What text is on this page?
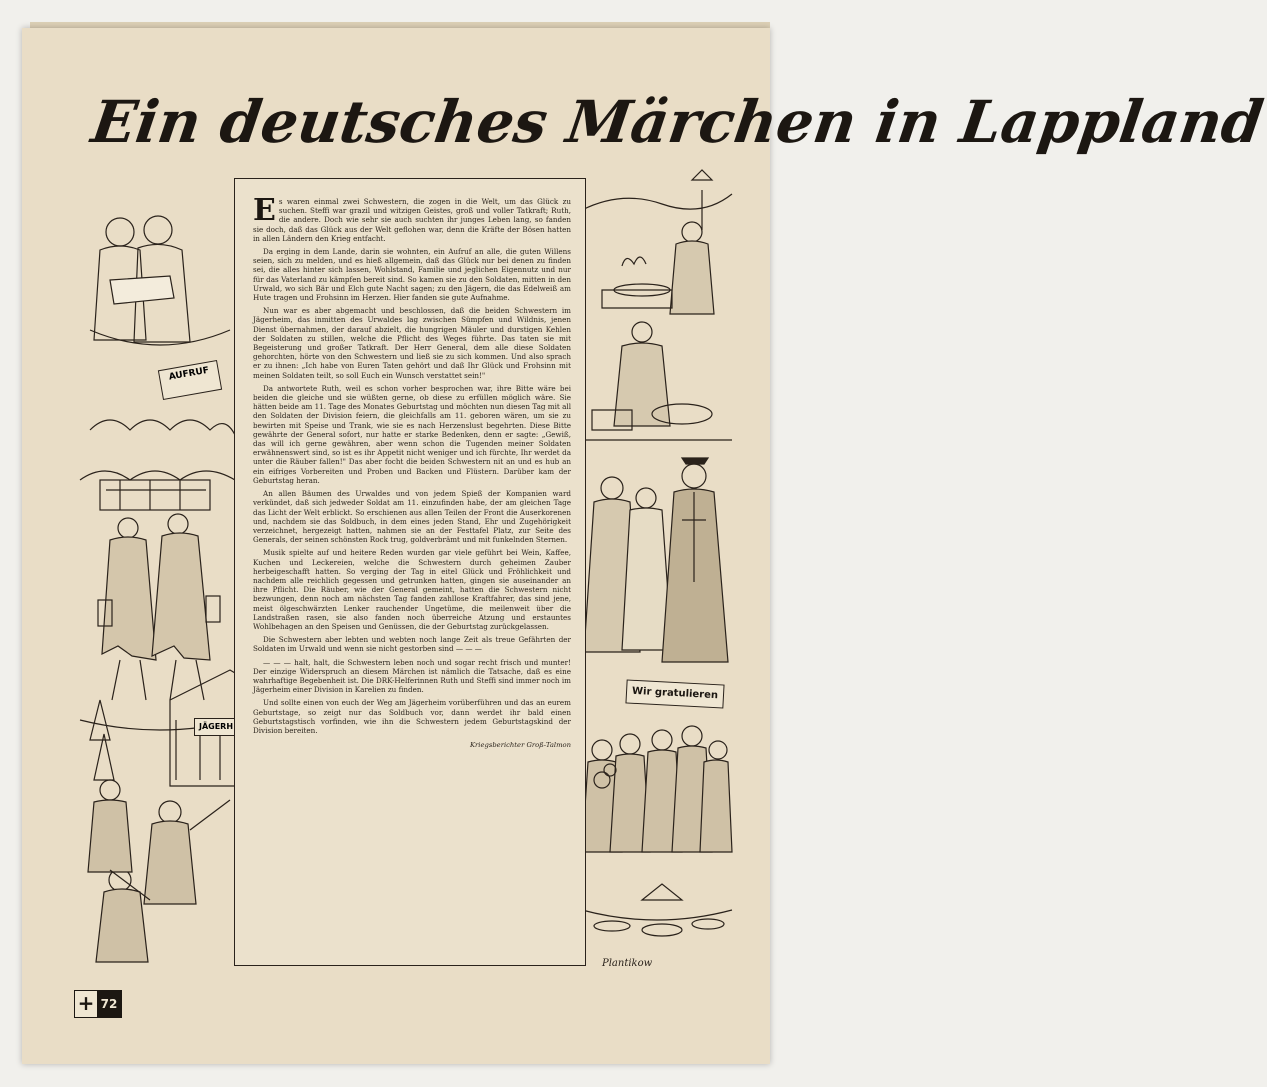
Ein deutsches Märchen in Lappland
AUFRUF
JÄGERH
Wir gratulieren

Es waren einmal zwei Schwestern, die zogen in die Welt, um das Glück zu suchen. Steffi war grazil und witzigen Geistes, groß und voller Tatkraft; Ruth, die andere. Doch wie sehr sie auch suchten ihr junges Leben lang, so fanden sie doch, daß das Glück aus der Welt geflohen war, denn die Kräfte der Bösen hatten in allen Ländern den Krieg entfacht.

Da erging in dem Lande, darin sie wohnten, ein Aufruf an alle, die guten Willens seien, sich zu melden, und es hieß allgemein, daß das Glück nur bei denen zu finden sei, die alles hinter sich lassen, Wohlstand, Familie und jeglichen Eigennutz und nur für das Vaterland zu kämpfen bereit sind. So kamen sie zu den Soldaten, mitten in den Urwald, wo sich Bär und Elch gute Nacht sagen; zu den Jägern, die das Edelweiß am Hute tragen und Frohsinn im Herzen. Hier fanden sie gute Aufnahme.

Nun war es aber abgemacht und beschlossen, daß die beiden Schwestern im Jägerheim, das inmitten des Urwaldes lag zwischen Sümpfen und Wildnis, jenen Dienst übernahmen, der darauf abzielt, die hungrigen Mäuler und durstigen Kehlen der Soldaten zu stillen, welche die Pflicht des Weges führte. Das taten sie mit Begeisterung und großer Tatkraft. Der Herr General, dem alle diese Soldaten gehorchten, hörte von den Schwestern und ließ sie zu sich kommen. Und also sprach er zu ihnen: „Ich habe von Euren Taten gehört und daß Ihr Glück und Frohsinn mit meinen Soldaten teilt, so soll Euch ein Wunsch verstattet sein!"

Da antwortete Ruth, weil es schon vorher besprochen war, ihre Bitte wäre bei beiden die gleiche und sie wüßten gerne, ob diese zu erfüllen möglich wäre. Sie hätten beide am 11. Tage des Monates Geburtstag und möchten nun diesen Tag mit all den Soldaten der Division feiern, die gleichfalls am 11. geboren wären, um sie zu bewirten mit Speise und Trank, wie sie es nach Herzenslust begehrten. Diese Bitte gewährte der General sofort, nur hatte er starke Bedenken, denn er sagte: „Gewiß, das will ich gerne gewähren, aber wenn schon die Tugenden meiner Soldaten erwähnenswert sind, so ist es ihr Appetit nicht weniger und ich fürchte, Ihr werdet da unter die Räuber fallen!" Das aber focht die beiden Schwestern nit an und es hub an ein eifriges Vorbereiten und Proben und Backen und Flüstern. Darüber kam der Geburtstag heran.

An allen Bäumen des Urwaldes und von jedem Spieß der Kompanien ward verkündet, daß sich jedweder Soldat am 11. einzufinden habe, der am gleichen Tage das Licht der Welt erblickt. So erschienen aus allen Teilen der Front die Auserkorenen und, nachdem sie das Soldbuch, in dem eines jeden Stand, Ehr und Zugehörigkeit verzeichnet, hergezeigt hatten, nahmen sie an der Festtafel Platz, zur Seite des Generals, der seinen schönsten Rock trug, goldverbrämt und mit funkelnden Sternen.

Musik spielte auf und heitere Reden wurden gar viele geführt bei Wein, Kaffee, Kuchen und Leckereien, welche die Schwestern durch geheimen Zauber herbeigeschafft hatten. So verging der Tag in eitel Glück und Fröhlichkeit und nachdem alle reichlich gegessen und getrunken hatten, gingen sie auseinander an ihre Pflicht. Die Räuber, wie der General gemeint, hatten die Schwestern nicht bezwungen, denn noch am nächsten Tag fanden zahllose Kraftfahrer, das sind jene, meist ölgeschwärzten Lenker rauchender Ungetüme, die meilenweit über die Landstraßen rasen, sie also fanden noch überreiche Atzung und erstauntes Wohlbehagen an den Speisen und Genüssen, die der Geburtstag zurückgelassen.

Die Schwestern aber lebten und webten noch lange Zeit als treue Gefährten der Soldaten im Urwald und wenn sie nicht gestorben sind — — —

— — — halt, halt, die Schwestern leben noch und sogar recht frisch und munter! Der einzige Widerspruch an diesem Märchen ist nämlich die Tatsache, daß es eine wahrhaftige Begebenheit ist. Die DRK-Helferinnen Ruth und Steffi sind immer noch im Jägerheim einer Division in Karelien zu finden.

Und sollte einen von euch der Weg am Jägerheim vorüberführen und das an eurem Geburtstage, so zeigt nur das Soldbuch vor, dann werdet ihr bald einen Geburtstagstisch vorfinden, wie ihn die Schwestern jedem Geburtstagskind der Division bereiten.

Kriegsberichter Groß-Talmon
Plantikow
+ 72
